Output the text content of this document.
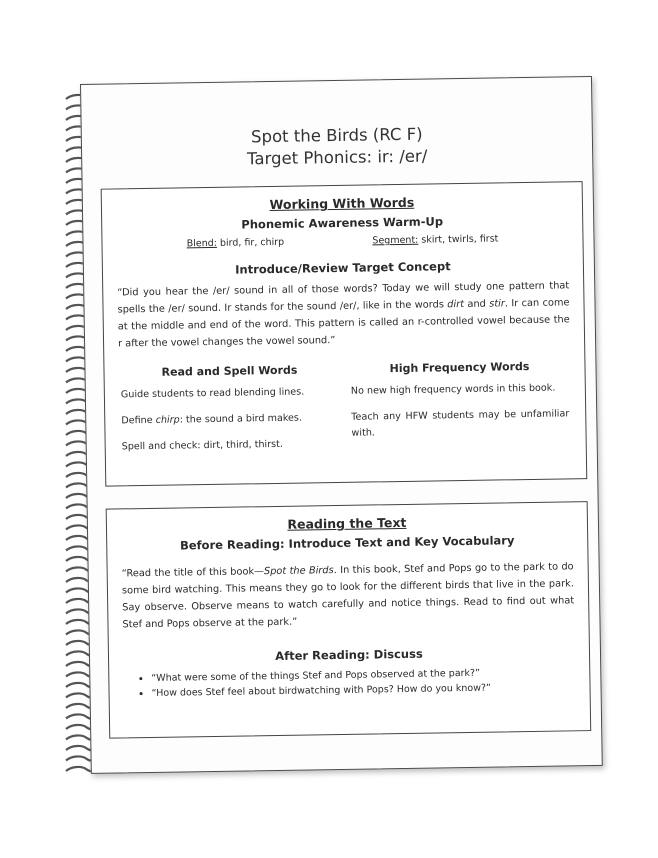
Spot the Birds (RC F)
Target Phonics: ir: /er/
Working With Words
Phonemic Awareness Warm-Up
Blend: bird, fir, chirp	Segment: skirt, twirls, first
Introduce/Review Target Concept
“Did you hear the /er/ sound in all of those words? Today we will study one pattern that spells the /er/ sound. Ir stands for the sound /er/, like in the words dirt and stir. Ir can come at the middle and end of the word. This pattern is called an r-controlled vowel because the r after the vowel changes the vowel sound.”
Read and Spell Words

Guide students to read blending lines.

Define chirp: the sound a bird makes.

Spell and check: dirt, third, thirst.

High Frequency Words

No new high frequency words in this book.

Teach any HFW students may be unfamiliar with.

Reading the Text
Before Reading: Introduce Text and Key Vocabulary
“Read the title of this book—Spot the Birds. In this book, Stef and Pops go to the park to do some bird watching. This means they go to look for the different birds that live in the park. Say observe. Observe means to watch carefully and notice things. Read to find out what Stef and Pops observe at the park.”
After Reading: Discuss
• “What were some of the things Stef and Pops observed at the park?”
• “How does Stef feel about birdwatching with Pops? How do you know?”
